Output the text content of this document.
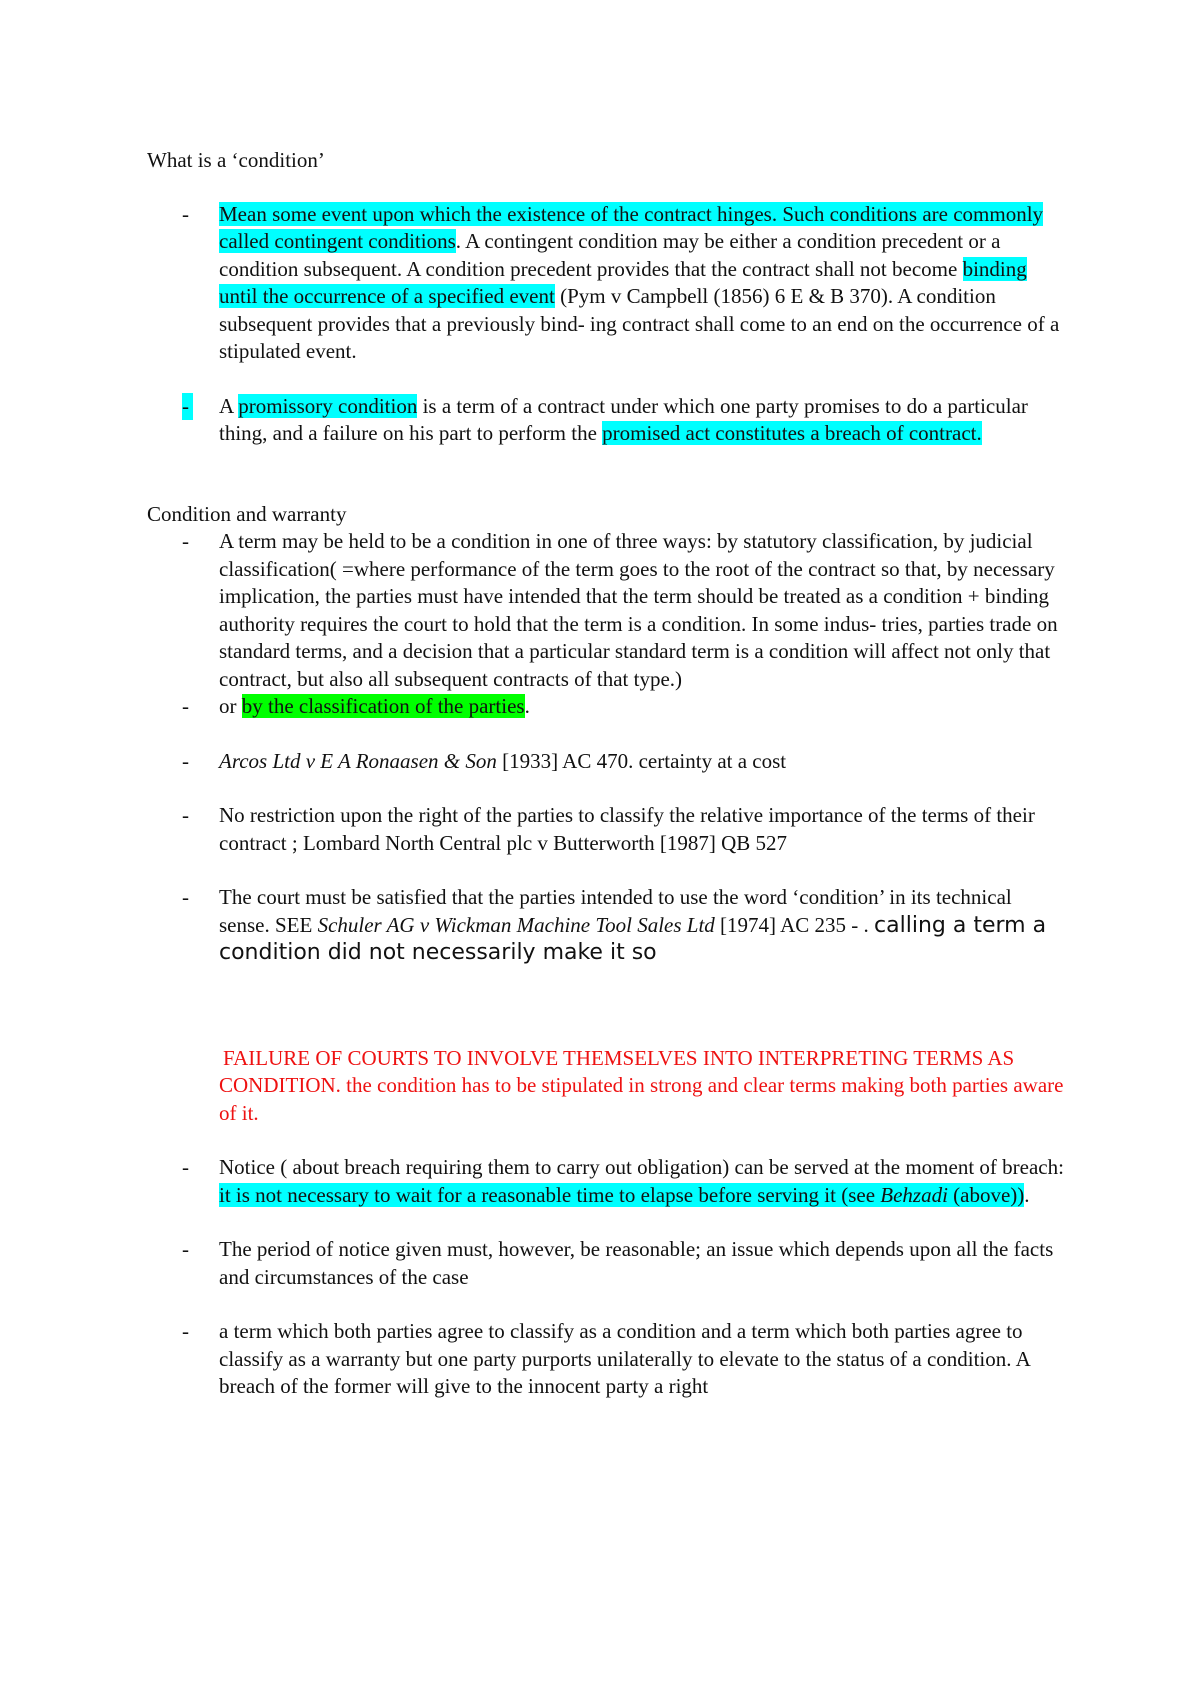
What is a ‘condition’

- Mean some event upon which the existence of the contract hinges. Such conditions are commonly called contingent conditions. A contingent condition may be either a condition precedent or a condition subsequent. A condition precedent provides that the contract shall not become binding until the occurrence of a specified event (Pym v Campbell (1856) 6 E & B 370). A condition subsequent provides that a previously bind- ing contract shall come to an end on the occurrence of a stipulated event.
- A promissory condition is a term of a contract under which one party promises to do a particular thing, and a failure on his part to perform the promised act constitutes a breach of contract.

Condition and warranty

- A term may be held to be a condition in one of three ways: by statutory classification, by judicial classification( =where performance of the term goes to the root of the contract so that, by necessary implication, the parties must have intended that the term should be treated as a condition + binding authority requires the court to hold that the term is a condition. In some indus- tries, parties trade on standard terms, and a decision that a particular standard term is a condition will affect not only that contract, but also all subsequent contracts of that type.)
- or by the classification of the parties.
- Arcos Ltd v E A Ronaasen & Son [1933] AC 470. certainty at a cost
- No restriction upon the right of the parties to classify the relative importance of the terms of their contract ; Lombard North Central plc v Butterworth [1987] QB 527
- The court must be satisfied that the parties intended to use the word ‘condition’ in its technical sense. SEE Schuler AG v Wickman Machine Tool Sales Ltd [1974] AC 235 - . calling a term a condition did not necessarily make it so

FAILURE OF COURTS TO INVOLVE THEMSELVES INTO INTERPRETING TERMS AS CONDITION. the condition has to be stipulated in strong and clear terms making both parties aware of it.

- Notice ( about breach requiring them to carry out obligation) can be served at the moment of breach: it is not necessary to wait for a reasonable time to elapse before serving it (see Behzadi (above)).
- The period of notice given must, however, be reasonable; an issue which depends upon all the facts and circumstances of the case
- a term which both parties agree to classify as a condition and a term which both parties agree to classify as a warranty but one party purports unilaterally to elevate to the status of a condition. A breach of the former will give to the innocent party a right
